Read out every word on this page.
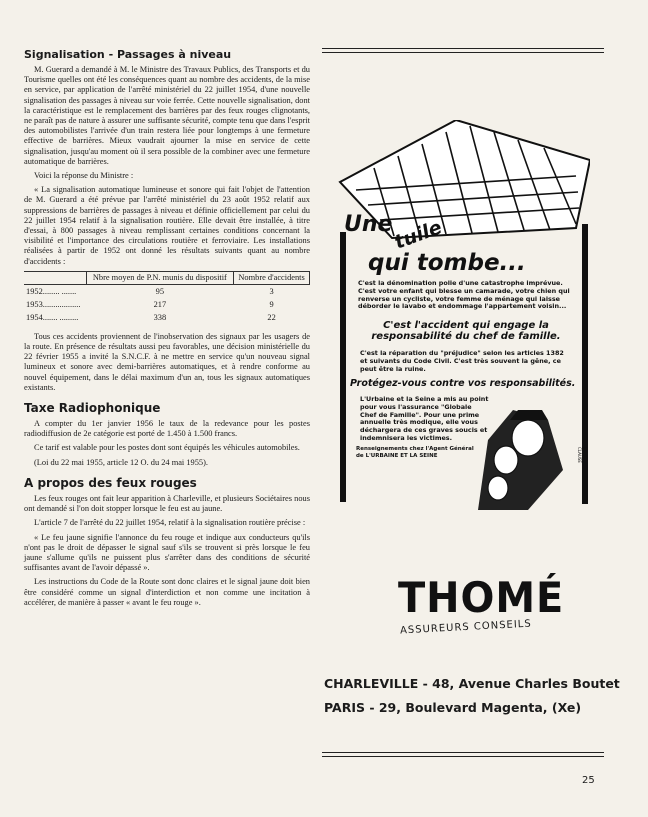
Signalisation - Passages à niveau

M. Guerard a demandé à M. le Ministre des Travaux Publics, des Transports et du Tourisme quelles ont été les conséquences quant au nombre des accidents, de la mise en service, par application de l'arrêté ministériel du 22 juillet 1954, d'une nouvelle signalisation des passages à niveau sur voie ferrée. Cette nouvelle signalisation, dont la caractéristique est le remplacement des barrières par des feux rouges clignotants, ne paraît pas de nature à assurer une suffisante sécurité, compte tenu que dans l'esprit des automobilistes l'arrivée d'un train restera liée pour longtemps à une fermeture effective de barrières. Mieux vaudrait ajourner la mise en service de cette signalisation, jusqu'au moment où il sera possible de la combiner avec une fermeture automatique de barrières.

Voici la réponse du Ministre :

« La signalisation automatique lumineuse et sonore qui fait l'objet de l'attention de M. Guerard a été prévue par l'arrêté ministériel du 23 août 1952 relatif aux suppressions de barrières de passages à niveau et définie officiellement par celui du 22 juillet 1954 relatif à la signalisation routière. Elle devait être installée, à titre d'essai, à 800 passages à niveau remplissant certaines conditions concernant la visibilité et l'importance des circulations routière et ferroviaire. Les installations réalisées à partir de 1952 ont donné les résultats suivants quant au nombre d'accidents :

	Nbre moyen de P.N. munis du dispositif	Nombre d'accidents
1952........ .......	95	3
1953..................	217	9
1954....... .........	338	22

Tous ces accidents proviennent de l'inobservation des signaux par les usagers de la route. En présence de résultats aussi peu favorables, une décision ministérielle du 22 février 1955 a invité la S.N.C.F. à ne mettre en service qu'un nouveau signal lumineux et sonore avec demi-barrières automatiques, et à rendre conforme au nouvel équipement, dans le délai maximum d'un an, tous les signaux automatiques existants.

Taxe Radiophonique

A compter du 1er janvier 1956 le taux de la redevance pour les postes radiodiffusion de 2e catégorie est porté de 1.450 à 1.500 francs.

Ce tarif est valable pour les postes dont sont équipés les véhicules automobiles.

(Loi du 22 mai 1955, article 12 O. du 24 mai 1955).

A propos des feux rouges

Les feux rouges ont fait leur apparition à Charleville, et plusieurs Sociétaires nous ont demandé si l'on doit stopper lorsque le feu est au jaune.

L'article 7 de l'arrêté du 22 juillet 1954, relatif à la signalisation routière précise :

« Le feu jaune signifie l'annonce du feu rouge et indique aux conducteurs qu'ils n'ont pas le droit de dépasser le signal sauf s'ils se trouvent si près lorsque le feu jaune s'allume qu'ils ne puissent plus s'arrêter dans des conditions de sécurité suffisantes avant de l'avoir dépassé ».

Les instructions du Code de la Route sont donc claires et le signal jaune doit bien être considéré comme un signal d'interdiction et non comme une incitation à accélérer, de manière à passer « avant le feu rouge ».

Une tuile
qui tombe...
C'est la dénomination polie d'une catastrophe imprévue. C'est votre enfant qui blesse un camarade, votre chien qui renverse un cycliste, votre femme de ménage qui laisse déborder le lavabo et endommage l'appartement voisin...
C'est l'accident qui engage la responsabilité du chef de famille.
C'est la réparation du "préjudice" selon les articles 1382 et suivants du Code Civil. C'est très souvent la gêne, ce peut être la ruine.
Protégez-vous contre vos responsabilités.
L'Urbaine et la Seine a mis au point pour vous l'assurance "Globale Chef de Famille". Pour une prime annuelle très modique, elle vous déchargera de ces graves soucis et indemnisera les victimes.
Renseignements chez l'Agent Général de L'URBAINE ET LA SEINE
JP-CLAUSE
THOMÉ
ASSUREURS CONSEILS
CHARLEVILLE - 48, Avenue Charles Boutet
PARIS - 29, Boulevard Magenta, (Xe)
25
